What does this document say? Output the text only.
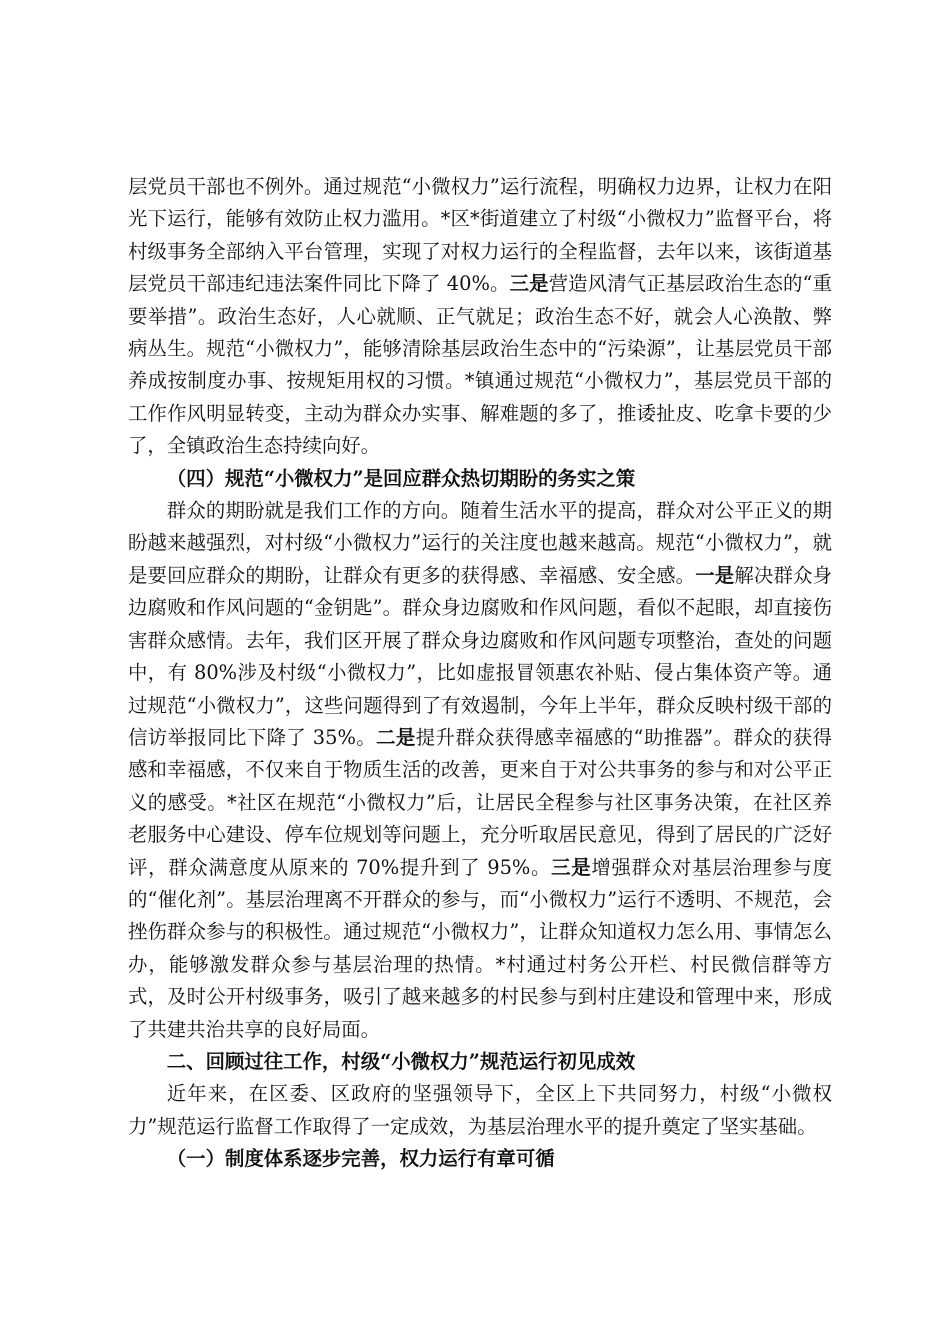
层党员干部也不例外。通过规范“小微权力”运行流程，明确权力边界，让权力在阳光下运行，能够有效防止权力滥用。*区*街道建立了村级“小微权力”监督平台，将村级事务全部纳入平台管理，实现了对权力运行的全程监督，去年以来，该街道基层党员干部违纪违法案件同比下降了 40%。三是营造风清气正基层政治生态的“重要举措”。政治生态好，人心就顺、正气就足；政治生态不好，就会人心涣散、弊病丛生。规范“小微权力”，能够清除基层政治生态中的“污染源”，让基层党员干部养成按制度办事、按规矩用权的习惯。*镇通过规范“小微权力”，基层党员干部的工作作风明显转变，主动为群众办实事、解难题的多了，推诿扯皮、吃拿卡要的少了，全镇政治生态持续向好。

（四）规范“小微权力”是回应群众热切期盼的务实之策

群众的期盼就是我们工作的方向。随着生活水平的提高，群众对公平正义的期盼越来越强烈，对村级“小微权力”运行的关注度也越来越高。规范“小微权力”，就是要回应群众的期盼，让群众有更多的获得感、幸福感、安全感。一是解决群众身边腐败和作风问题的“金钥匙”。群众身边腐败和作风问题，看似不起眼，却直接伤害群众感情。去年，我们区开展了群众身边腐败和作风问题专项整治，查处的问题中，有 80%涉及村级“小微权力”，比如虚报冒领惠农补贴、侵占集体资产等。通过规范“小微权力”，这些问题得到了有效遏制，今年上半年，群众反映村级干部的信访举报同比下降了 35%。二是提升群众获得感幸福感的“助推器”。群众的获得感和幸福感，不仅来自于物质生活的改善，更来自于对公共事务的参与和对公平正义的感受。*社区在规范“小微权力”后，让居民全程参与社区事务决策，在社区养老服务中心建设、停车位规划等问题上，充分听取居民意见，得到了居民的广泛好评，群众满意度从原来的 70%提升到了 95%。三是增强群众对基层治理参与度的“催化剂”。基层治理离不开群众的参与，而“小微权力”运行不透明、不规范，会挫伤群众参与的积极性。通过规范“小微权力”，让群众知道权力怎么用、事情怎么办，能够激发群众参与基层治理的热情。*村通过村务公开栏、村民微信群等方式，及时公开村级事务，吸引了越来越多的村民参与到村庄建设和管理中来，形成了共建共治共享的良好局面。

二、回顾过往工作，村级“小微权力”规范运行初见成效

近年来，在区委、区政府的坚强领导下，全区上下共同努力，村级“小微权力”规范运行监督工作取得了一定成效，为基层治理水平的提升奠定了坚实基础。

（一）制度体系逐步完善，权力运行有章可循
